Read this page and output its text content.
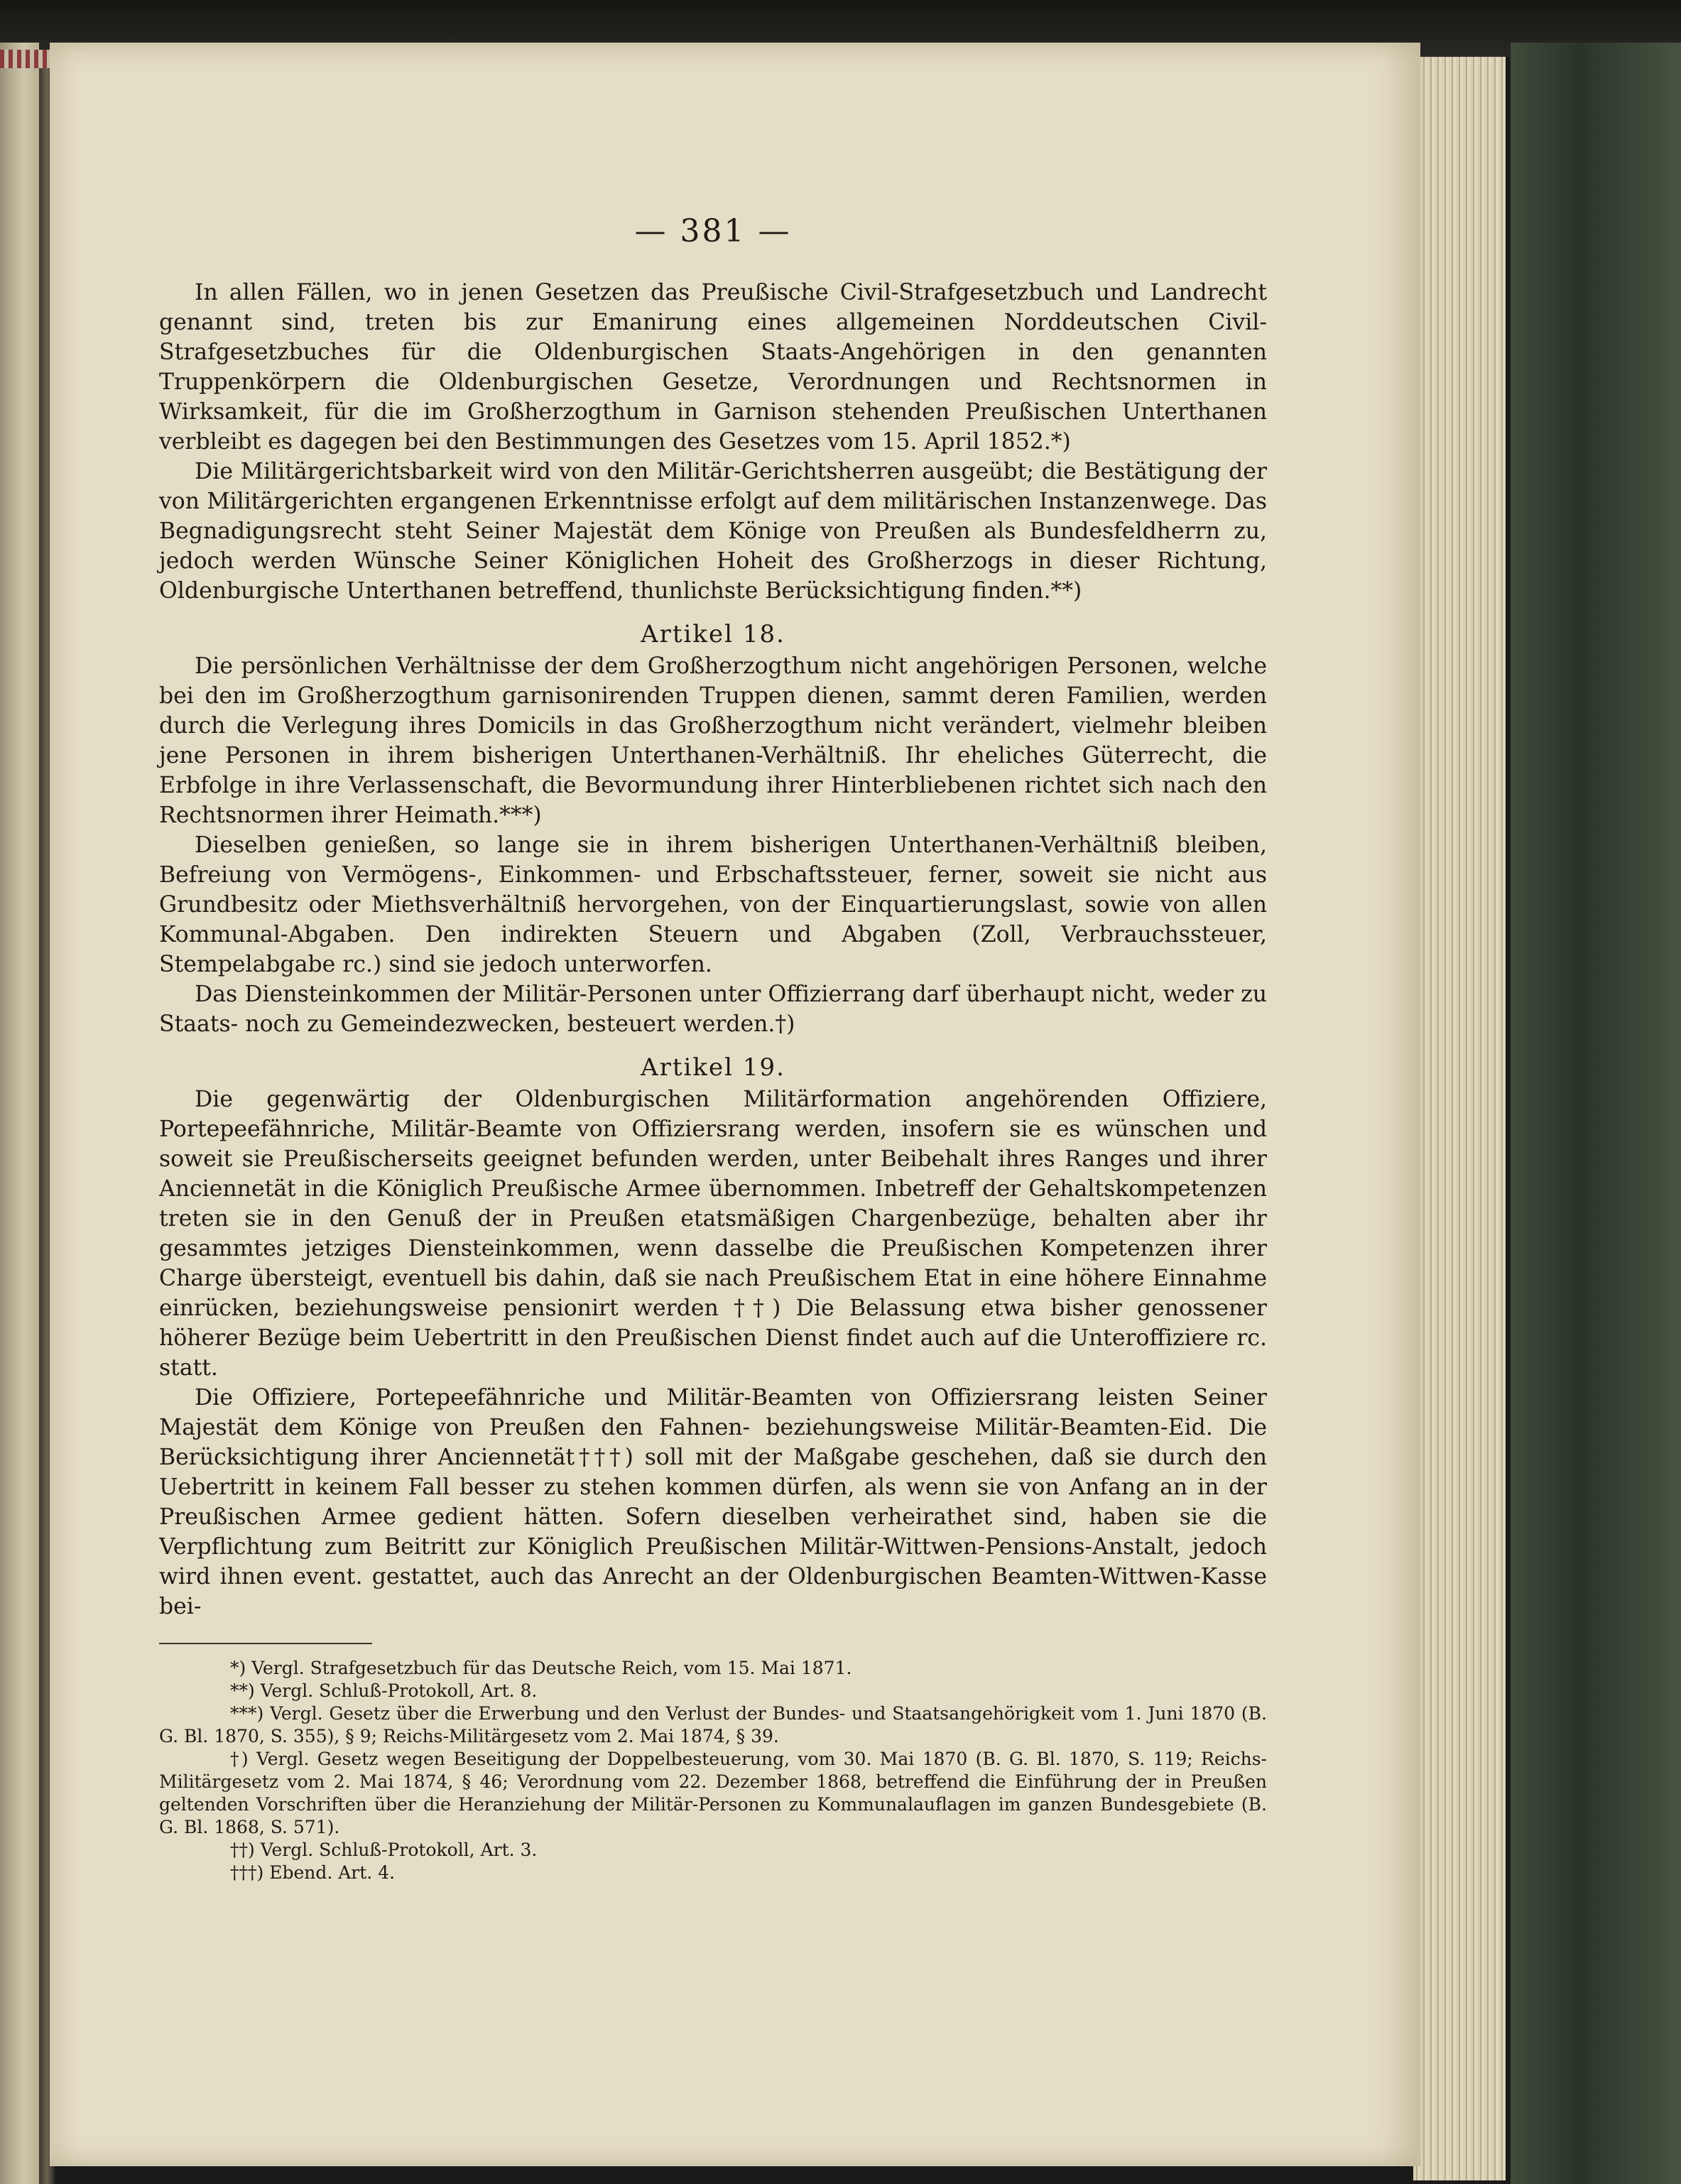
— 381 —

In allen Fällen, wo in jenen Gesetzen das Preußische Civil-Strafgesetzbuch und Landrecht genannt sind, treten bis zur Emanirung eines allgemeinen Norddeutschen Civil-Strafgesetzbuches für die Oldenburgischen Staats-Angehörigen in den genannten Truppenkörpern die Oldenburgischen Gesetze, Verordnungen und Rechtsnormen in Wirksamkeit, für die im Großherzogthum in Garnison stehenden Preußischen Unterthanen verbleibt es dagegen bei den Bestimmungen des Gesetzes vom 15. April 1852.*)

Die Militärgerichtsbarkeit wird von den Militär-Gerichtsherren ausgeübt; die Bestätigung der von Militärgerichten ergangenen Erkenntnisse erfolgt auf dem militärischen Instanzenwege. Das Begnadigungsrecht steht Seiner Majestät dem Könige von Preußen als Bundesfeldherrn zu, jedoch werden Wünsche Seiner Königlichen Hoheit des Großherzogs in dieser Richtung, Oldenburgische Unterthanen betreffend, thunlichste Berücksichtigung finden.**)

Artikel 18.

Die persönlichen Verhältnisse der dem Großherzogthum nicht angehörigen Personen, welche bei den im Großherzogthum garnisonirenden Truppen dienen, sammt deren Familien, werden durch die Verlegung ihres Domicils in das Großherzogthum nicht verändert, vielmehr bleiben jene Personen in ihrem bisherigen Unterthanen-Verhältniß. Ihr eheliches Güterrecht, die Erbfolge in ihre Verlassenschaft, die Bevormundung ihrer Hinterbliebenen richtet sich nach den Rechtsnormen ihrer Heimath.***)

Dieselben genießen, so lange sie in ihrem bisherigen Unterthanen-Verhältniß bleiben, Befreiung von Vermögens-, Einkommen- und Erbschaftssteuer, ferner, soweit sie nicht aus Grundbesitz oder Miethsverhältniß hervorgehen, von der Einquartierungslast, sowie von allen Kommunal-Abgaben. Den indirekten Steuern und Abgaben (Zoll, Verbrauchssteuer, Stempelabgabe rc.) sind sie jedoch unterworfen.

Das Diensteinkommen der Militär-Personen unter Offizierrang darf überhaupt nicht, weder zu Staats- noch zu Gemeindezwecken, besteuert werden.†)

Artikel 19.

Die gegenwärtig der Oldenburgischen Militärformation angehörenden Offiziere, Portepeefähnriche, Militär-Beamte von Offiziersrang werden, insofern sie es wünschen und soweit sie Preußischerseits geeignet befunden werden, unter Beibehalt ihres Ranges und ihrer Anciennetät in die Königlich Preußische Armee übernommen. Inbetreff der Gehaltskompetenzen treten sie in den Genuß der in Preußen etatsmäßigen Chargenbezüge, behalten aber ihr gesammtes jetziges Diensteinkommen, wenn dasselbe die Preußischen Kompetenzen ihrer Charge übersteigt, eventuell bis dahin, daß sie nach Preußischem Etat in eine höhere Einnahme einrücken, beziehungsweise pensionirt werden ††) Die Belassung etwa bisher genossener höherer Bezüge beim Uebertritt in den Preußischen Dienst findet auch auf die Unteroffiziere rc. statt.

Die Offiziere, Portepeefähnriche und Militär-Beamten von Offiziersrang leisten Seiner Majestät dem Könige von Preußen den Fahnen- beziehungsweise Militär-Beamten-Eid. Die Berücksichtigung ihrer Anciennetät†††) soll mit der Maßgabe geschehen, daß sie durch den Uebertritt in keinem Fall besser zu stehen kommen dürfen, als wenn sie von Anfang an in der Preußischen Armee gedient hätten. Sofern dieselben verheirathet sind, haben sie die Verpflichtung zum Beitritt zur Königlich Preußischen Militär-Wittwen-Pensions-Anstalt, jedoch wird ihnen event. gestattet, auch das Anrecht an der Oldenburgischen Beamten-Wittwen-Kasse bei-

*) Vergl. Strafgesetzbuch für das Deutsche Reich, vom 15. Mai 1871.

**) Vergl. Schluß-Protokoll, Art. 8.

***) Vergl. Gesetz über die Erwerbung und den Verlust der Bundes- und Staatsangehörigkeit vom 1. Juni 1870 (B. G. Bl. 1870, S. 355), § 9; Reichs-Militärgesetz vom 2. Mai 1874, § 39.

†) Vergl. Gesetz wegen Beseitigung der Doppelbesteuerung, vom 30. Mai 1870 (B. G. Bl. 1870, S. 119; Reichs-Militärgesetz vom 2. Mai 1874, § 46; Verordnung vom 22. Dezember 1868, betreffend die Einführung der in Preußen geltenden Vorschriften über die Heranziehung der Militär-Personen zu Kommunalauflagen im ganzen Bundesgebiete (B. G. Bl. 1868, S. 571).

††) Vergl. Schluß-Protokoll, Art. 3.

†††) Ebend. Art. 4.
